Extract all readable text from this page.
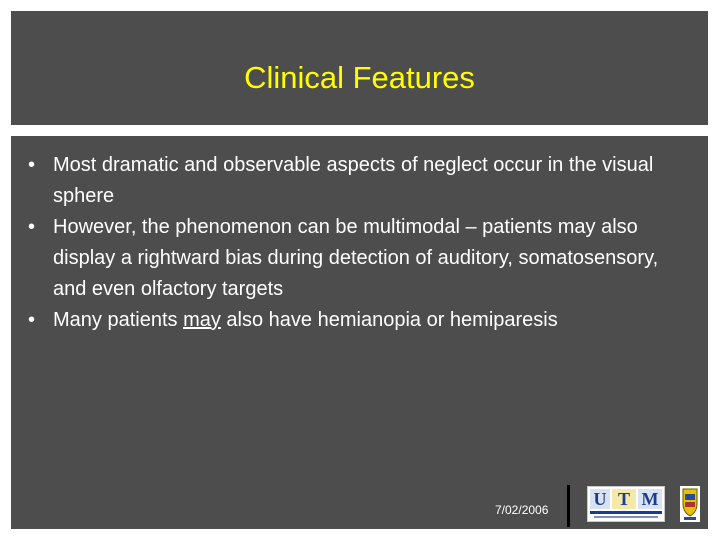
Clinical Features
• Most dramatic and observable aspects of neglect occur in the visual sphere
• However, the phenomenon can be multimodal – patients may also display a rightward bias during detection of auditory, somatosensory, and even olfactory targets
• Many patients may also have hemianopia or hemiparesis
7/02/2006
U T M
